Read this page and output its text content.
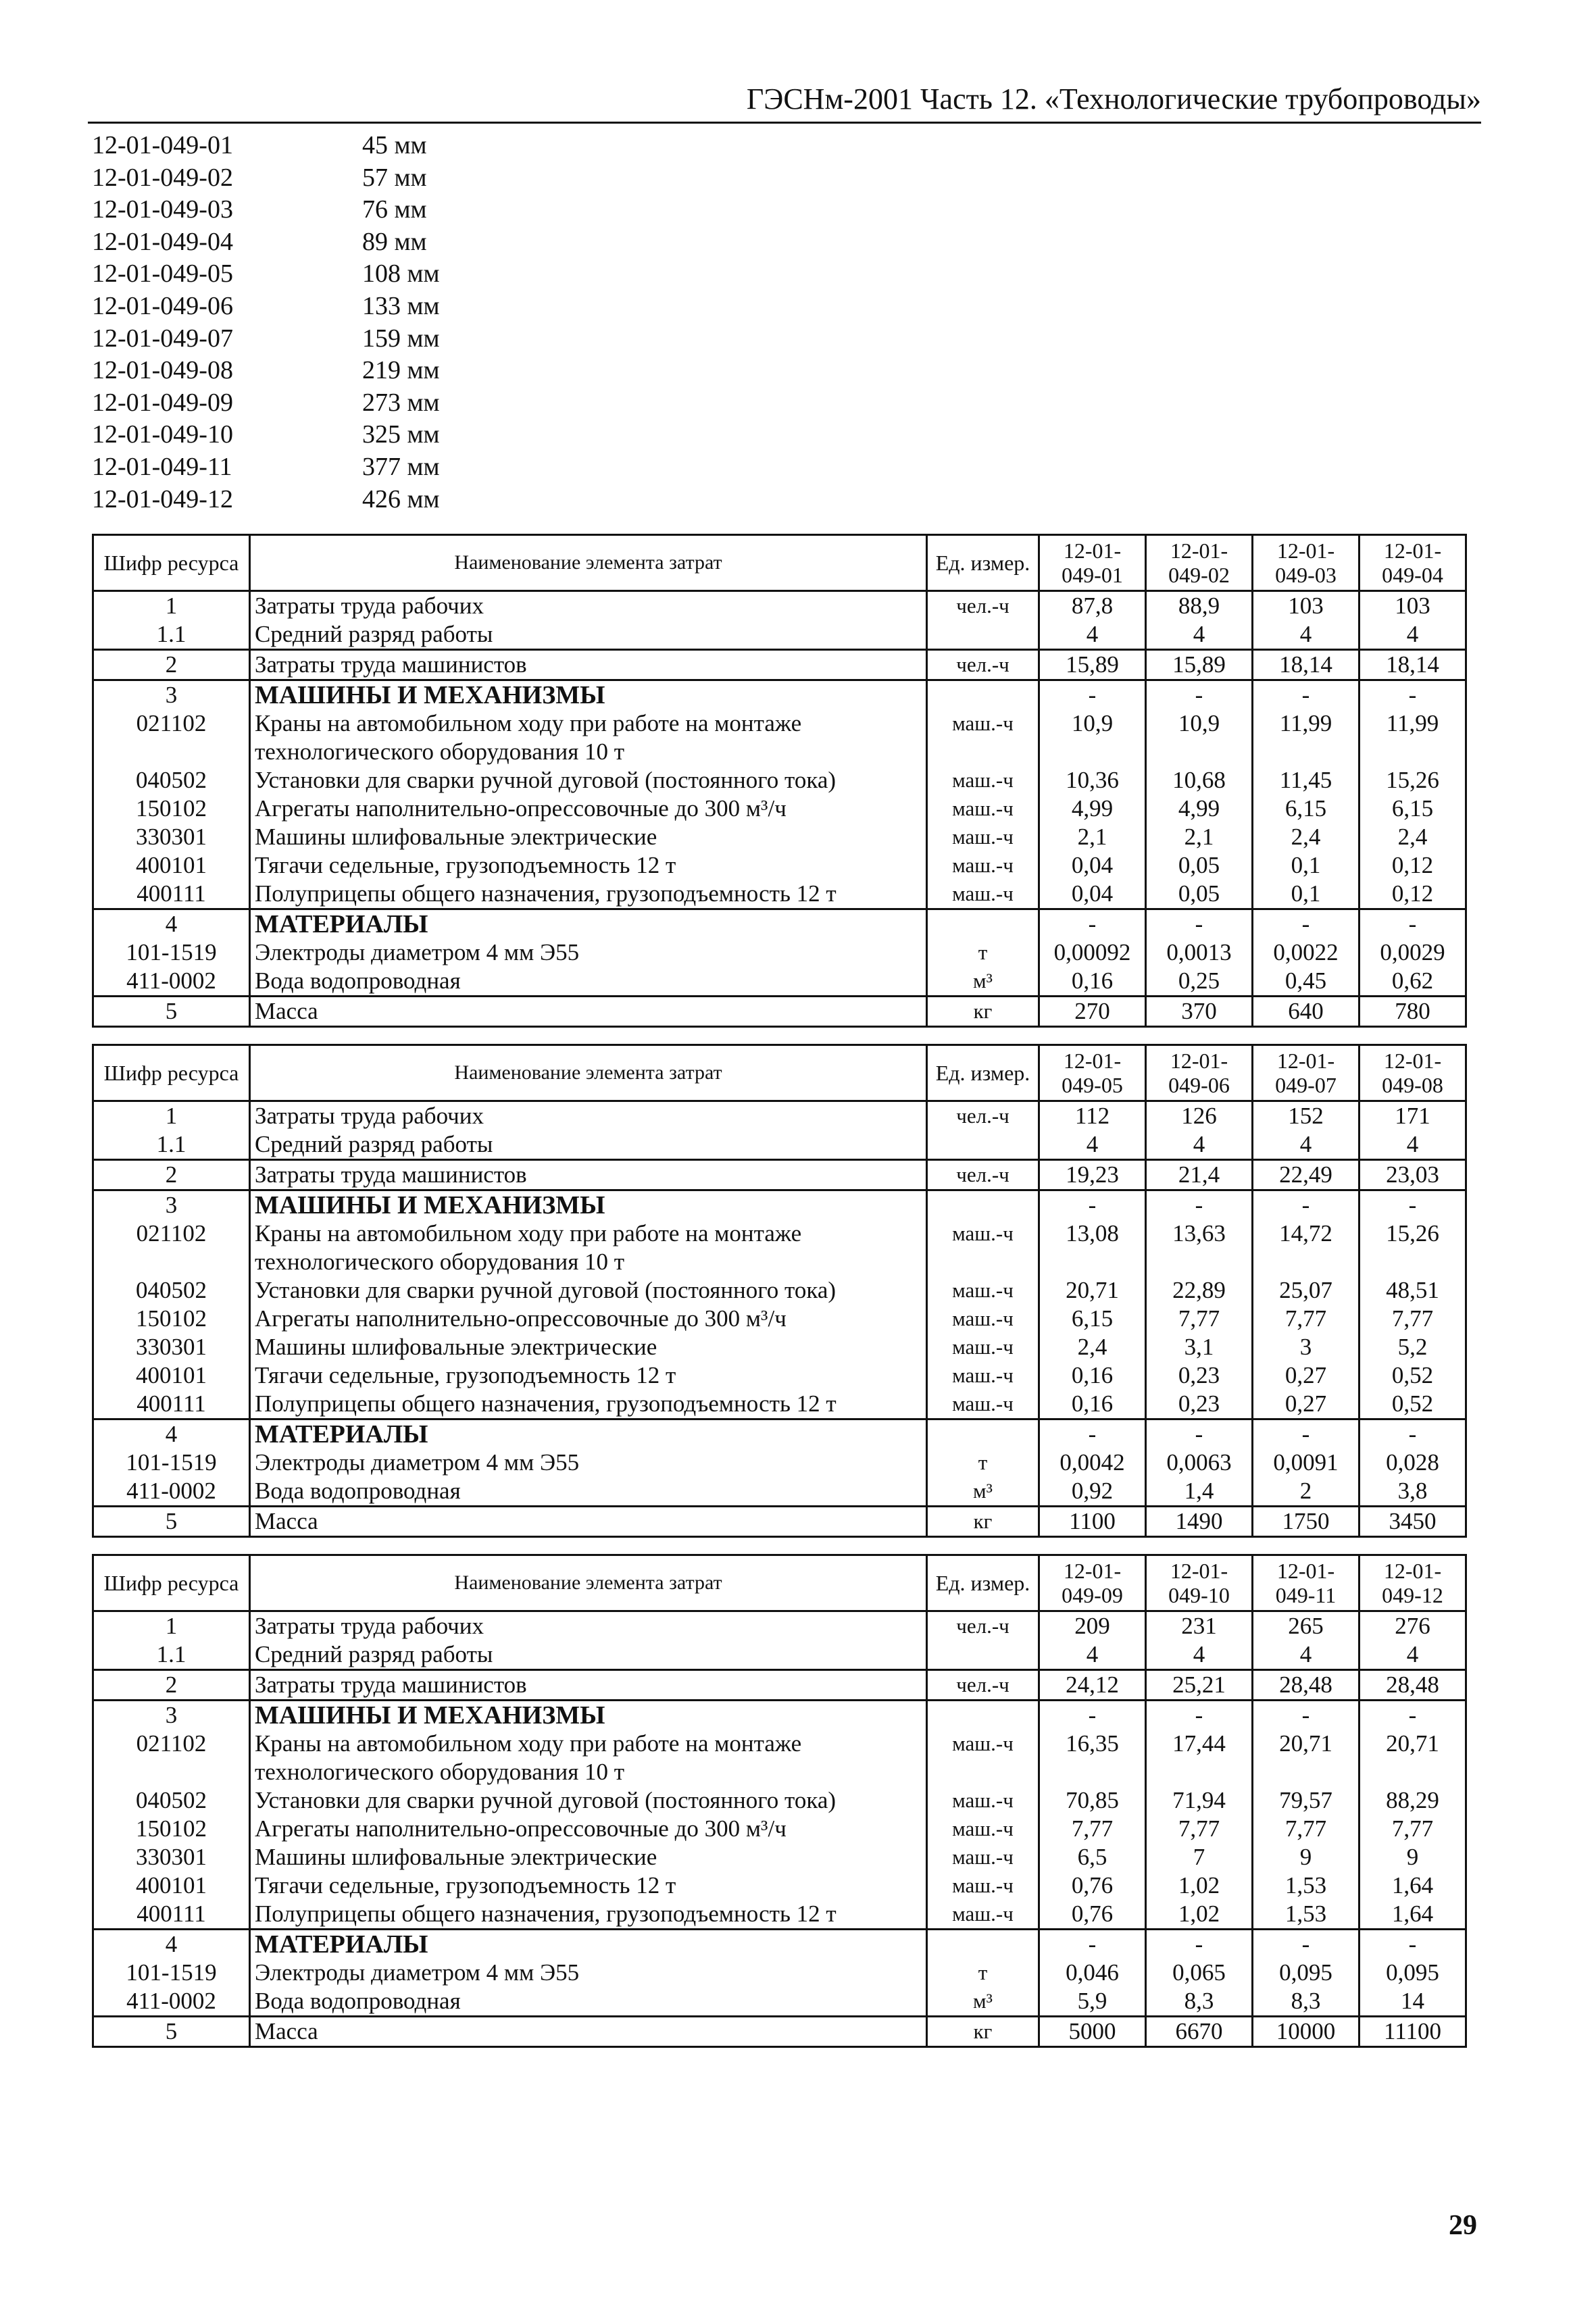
ГЭСНм-2001 Часть 12. «Технологические трубопроводы»
12-01-049-01	45 мм
12-01-049-02	57 мм
12-01-049-03	76 мм
12-01-049-04	89 мм
12-01-049-05	108 мм
12-01-049-06	133 мм
12-01-049-07	159 мм
12-01-049-08	219 мм
12-01-049-09	273 мм
12-01-049-10	325 мм
12-01-049-11	377 мм
12-01-049-12	426 мм
Шифр ресурса	Наименование элемента затрат	Ед. измер.	12-01-049-01	12-01-049-02	12-01-049-03	12-01-049-04
1	Затраты труда рабочих	чел.-ч	87,8	88,9	103	103
1.1	Средний разряд работы		4	4	4	4
2	Затраты труда машинистов	чел.-ч	15,89	15,89	18,14	18,14
3	МАШИНЫ И МЕХАНИЗМЫ		-	-	-	-
021102	Краны на автомобильном ходу при работе на монтаже технологического оборудования 10 т	маш.-ч	10,9	10,9	11,99	11,99
040502	Установки для сварки ручной дуговой (постоянного тока)	маш.-ч	10,36	10,68	11,45	15,26
150102	Агрегаты наполнительно-опрессовочные до 300 м³/ч	маш.-ч	4,99	4,99	6,15	6,15
330301	Машины шлифовальные электрические	маш.-ч	2,1	2,1	2,4	2,4
400101	Тягачи седельные, грузоподъемность 12 т	маш.-ч	0,04	0,05	0,1	0,12
400111	Полуприцепы общего назначения, грузоподъемность 12 т	маш.-ч	0,04	0,05	0,1	0,12
4	МАТЕРИАЛЫ		-	-	-	-
101-1519	Электроды диаметром 4 мм Э55	т	0,00092	0,0013	0,0022	0,0029
411-0002	Вода водопроводная	м³	0,16	0,25	0,45	0,62
5	Масса	кг	270	370	640	780
Шифр ресурса	Наименование элемента затрат	Ед. измер.	12-01-049-05	12-01-049-06	12-01-049-07	12-01-049-08
1	Затраты труда рабочих	чел.-ч	112	126	152	171
1.1	Средний разряд работы		4	4	4	4
2	Затраты труда машинистов	чел.-ч	19,23	21,4	22,49	23,03
3	МАШИНЫ И МЕХАНИЗМЫ		-	-	-	-
021102	Краны на автомобильном ходу при работе на монтаже технологического оборудования 10 т	маш.-ч	13,08	13,63	14,72	15,26
040502	Установки для сварки ручной дуговой (постоянного тока)	маш.-ч	20,71	22,89	25,07	48,51
150102	Агрегаты наполнительно-опрессовочные до 300 м³/ч	маш.-ч	6,15	7,77	7,77	7,77
330301	Машины шлифовальные электрические	маш.-ч	2,4	3,1	3	5,2
400101	Тягачи седельные, грузоподъемность 12 т	маш.-ч	0,16	0,23	0,27	0,52
400111	Полуприцепы общего назначения, грузоподъемность 12 т	маш.-ч	0,16	0,23	0,27	0,52
4	МАТЕРИАЛЫ		-	-	-	-
101-1519	Электроды диаметром 4 мм Э55	т	0,0042	0,0063	0,0091	0,028
411-0002	Вода водопроводная	м³	0,92	1,4	2	3,8
5	Масса	кг	1100	1490	1750	3450
Шифр ресурса	Наименование элемента затрат	Ед. измер.	12-01-049-09	12-01-049-10	12-01-049-11	12-01-049-12
1	Затраты труда рабочих	чел.-ч	209	231	265	276
1.1	Средний разряд работы		4	4	4	4
2	Затраты труда машинистов	чел.-ч	24,12	25,21	28,48	28,48
3	МАШИНЫ И МЕХАНИЗМЫ		-	-	-	-
021102	Краны на автомобильном ходу при работе на монтаже технологического оборудования 10 т	маш.-ч	16,35	17,44	20,71	20,71
040502	Установки для сварки ручной дуговой (постоянного тока)	маш.-ч	70,85	71,94	79,57	88,29
150102	Агрегаты наполнительно-опрессовочные до 300 м³/ч	маш.-ч	7,77	7,77	7,77	7,77
330301	Машины шлифовальные электрические	маш.-ч	6,5	7	9	9
400101	Тягачи седельные, грузоподъемность 12 т	маш.-ч	0,76	1,02	1,53	1,64
400111	Полуприцепы общего назначения, грузоподъемность 12 т	маш.-ч	0,76	1,02	1,53	1,64
4	МАТЕРИАЛЫ		-	-	-	-
101-1519	Электроды диаметром 4 мм Э55	т	0,046	0,065	0,095	0,095
411-0002	Вода водопроводная	м³	5,9	8,3	8,3	14
5	Масса	кг	5000	6670	10000	11100
29
